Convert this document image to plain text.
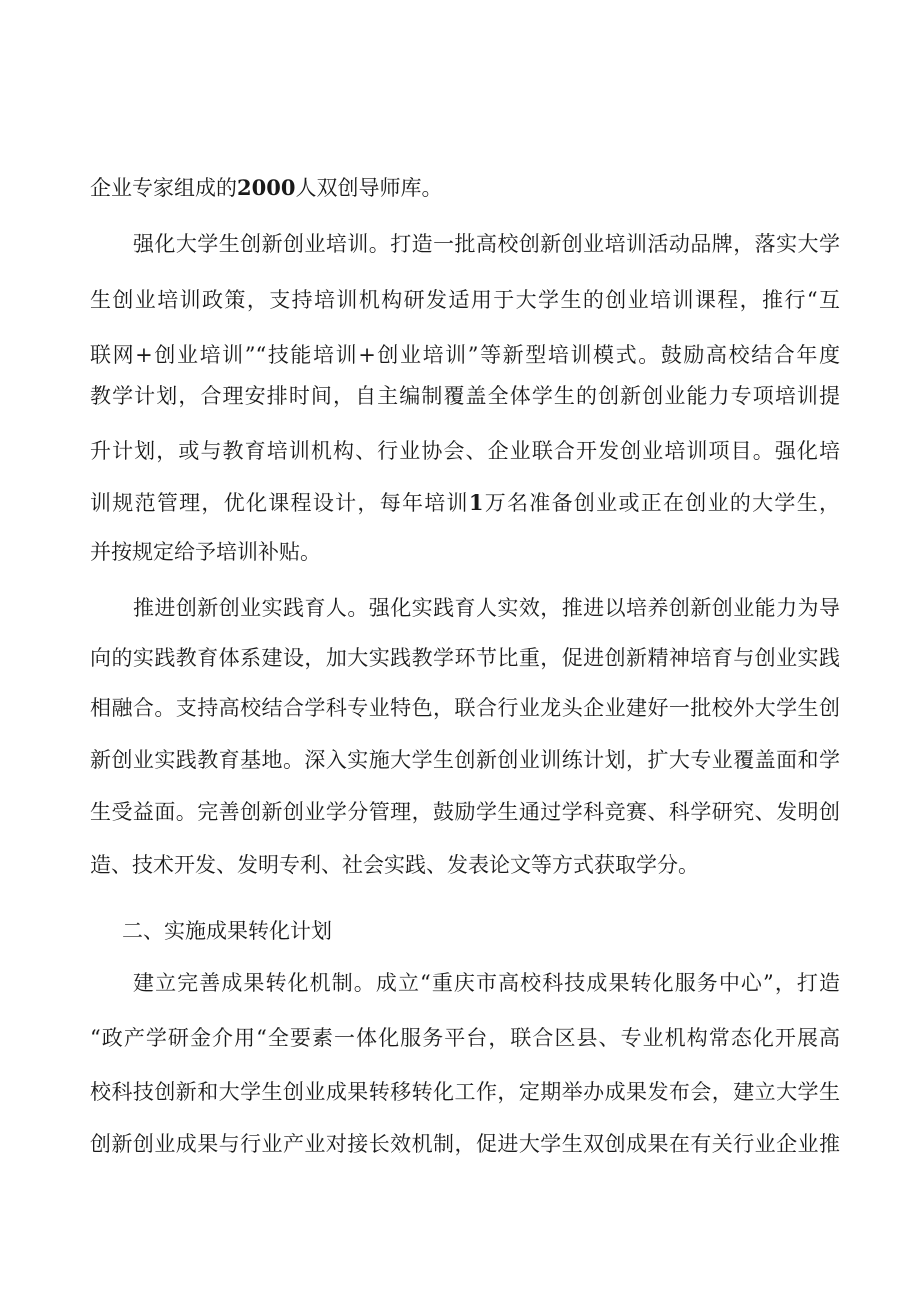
企业专家组成的2000人双创导师库。
强化大学生创新创业培训。打造一批高校创新创业培训活动品牌，落实大学
生创业培训政策，支持培训机构研发适用于大学生的创业培训课程，推行“互
联网+创业培训”“技能培训+创业培训”等新型培训模式。鼓励高校结合年度
教学计划，合理安排时间，自主编制覆盖全体学生的创新创业能力专项培训提
升计划，或与教育培训机构、行业协会、企业联合开发创业培训项目。强化培
训规范管理，优化课程设计，每年培训1万名准备创业或正在创业的大学生，
并按规定给予培训补贴。
推进创新创业实践育人。强化实践育人实效，推进以培养创新创业能力为导
向的实践教育体系建设，加大实践教学环节比重，促进创新精神培育与创业实践
相融合。支持高校结合学科专业特色，联合行业龙头企业建好一批校外大学生创
新创业实践教育基地。深入实施大学生创新创业训练计划，扩大专业覆盖面和学
生受益面。完善创新创业学分管理，鼓励学生通过学科竞赛、科学研究、发明创
造、技术开发、发明专利、社会实践、发表论文等方式获取学分。
二、实施成果转化计划
建立完善成果转化机制。成立“重庆市高校科技成果转化服务中心”，打造
“政产学研金介用“全要素一体化服务平台，联合区县、专业机构常态化开展高
校科技创新和大学生创业成果转移转化工作，定期举办成果发布会，建立大学生
创新创业成果与行业产业对接长效机制，促进大学生双创成果在有关行业企业推
